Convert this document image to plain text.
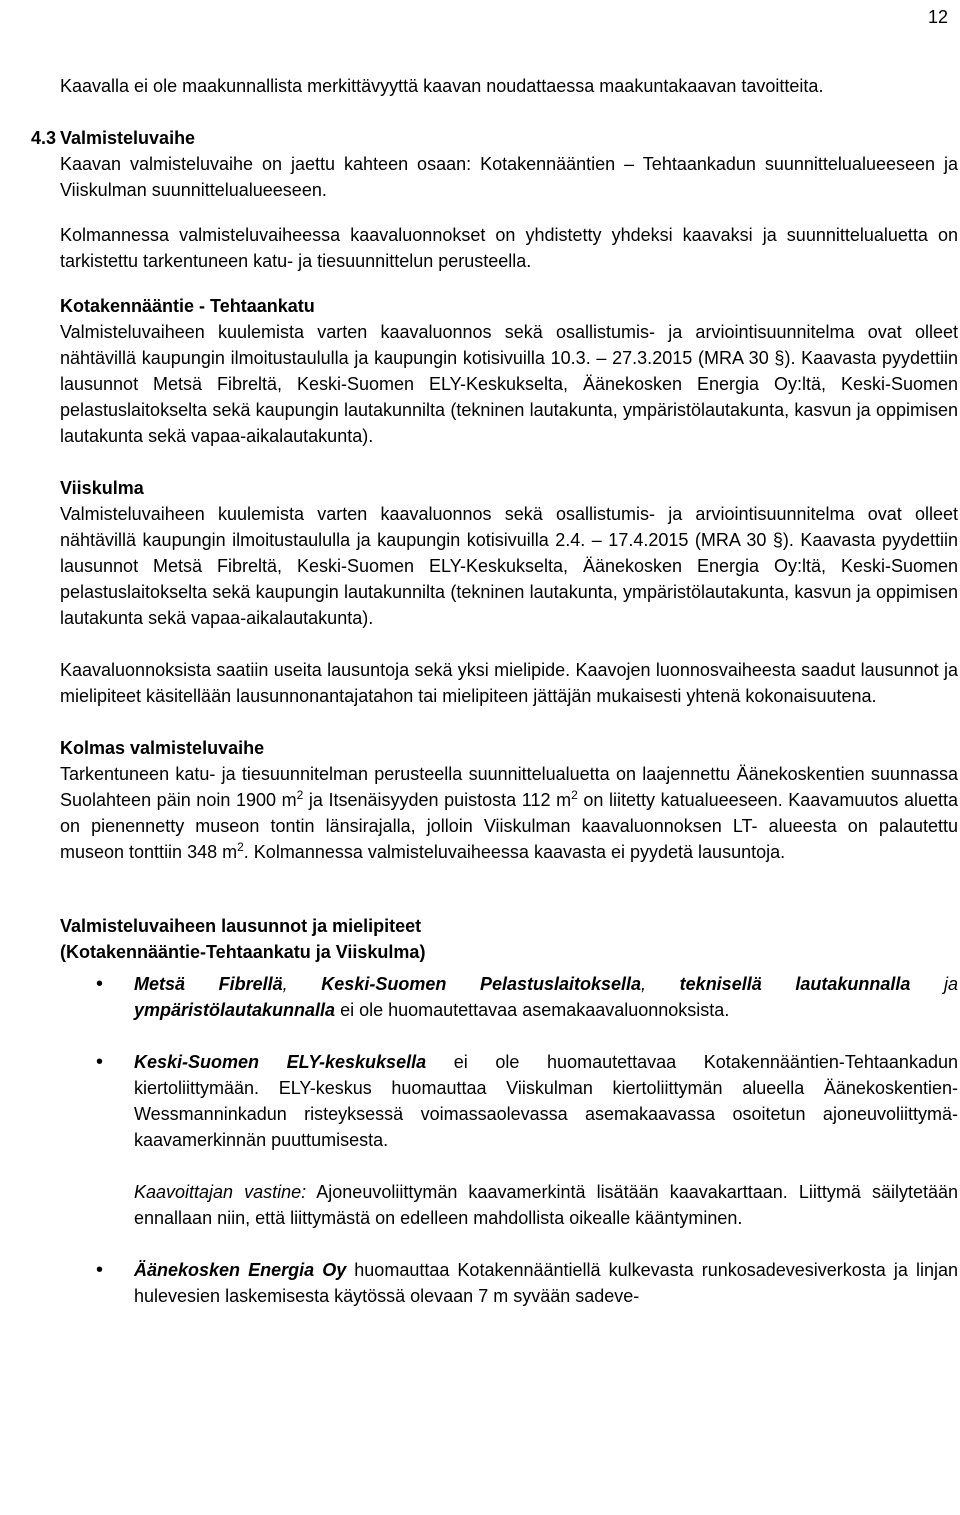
12

Kaavalla ei ole maakunnallista merkittävyyttä kaavan noudattaessa maakuntakaavan tavoitteita.

4.3 Valmisteluvaihe

Kaavan valmisteluvaihe on jaettu kahteen osaan: Kotakennääntien – Tehtaankadun suunnittelualueeseen ja Viiskulman suunnittelualueeseen.

Kolmannessa valmisteluvaiheessa kaavaluonnokset on yhdistetty yhdeksi kaavaksi ja suunnittelualuetta on tarkistettu tarkentuneen katu- ja tiesuunnittelun perusteella.

Kotakennääntie - Tehtaankatu

Valmisteluvaiheen kuulemista varten kaavaluonnos sekä osallistumis- ja arviointisuunnitelma ovat olleet nähtävillä kaupungin ilmoitustaululla ja kaupungin kotisivuilla 10.3. – 27.3.2015 (MRA 30 §). Kaavasta pyydettiin lausunnot Metsä Fibreltä, Keski-Suomen ELY-Keskukselta, Äänekosken Energia Oy:ltä, Keski-Suomen pelastuslaitokselta sekä kaupungin lautakunnilta (tekninen lautakunta, ympäristölautakunta, kasvun ja oppimisen lautakunta sekä vapaa-aikalautakunta).

Viiskulma

Valmisteluvaiheen kuulemista varten kaavaluonnos sekä osallistumis- ja arviointisuunnitelma ovat olleet nähtävillä kaupungin ilmoitustaululla ja kaupungin kotisivuilla 2.4. – 17.4.2015 (MRA 30 §). Kaavasta pyydettiin lausunnot Metsä Fibreltä, Keski-Suomen ELY-Keskukselta, Äänekosken Energia Oy:ltä, Keski-Suomen pelastuslaitokselta sekä kaupungin lautakunnilta (tekninen lautakunta, ympäristölautakunta, kasvun ja oppimisen lautakunta sekä vapaa-aikalautakunta).

Kaavaluonnoksista saatiin useita lausuntoja sekä yksi mielipide. Kaavojen luonnosvaiheesta saadut lausunnot ja mielipiteet käsitellään lausunnonantajatahon tai mielipiteen jättäjän mukaisesti yhtenä kokonaisuutena.

Kolmas valmisteluvaihe

Tarkentuneen katu- ja tiesuunnitelman perusteella suunnittelualuetta on laajennettu Äänekoskentien suunnassa Suolahteen päin noin 1900 $m^2$ ja Itsenäisyyden puistosta 112 $m^2$ on liitetty katualueeseen. Kaavamuutos aluetta on pienennetty museon tontin länsirajalla, jolloin Viiskulman kaavaluonnoksen LT- alueesta on palautettu museon tonttiin 348 $m^2$. Kolmannessa valmisteluvaiheessa kaavasta ei pyydetä lausuntoja.

Valmisteluvaiheen lausunnot ja mielipiteet
(Kotakennääntie-Tehtaankatu ja Viiskulma)

• Metsä Fibrellä, Keski-Suomen Pelastuslaitoksella, teknisellä lautakunnalla ja ympäristölautakunnalla ei ole huomautettavaa asemakaavaluonnoksista.

• Keski-Suomen ELY-keskuksella ei ole huomautettavaa Kotakennääntien-Tehtaankadun kiertoliittymään. ELY-keskus huomauttaa Viiskulman kiertoliittymän alueella Äänekoskentien-Wessmanninkadun risteyksessä voimassaolevassa asemakaavassa osoitetun ajoneuvoliittymä-kaavamerkinnän puuttumisesta.

Kaavoittajan vastine: Ajoneuvoliittymän kaavamerkintä lisätään kaavakarttaan. Liittymä säilytetään ennallaan niin, että liittymästä on edelleen mahdollista oikealle kääntyminen.

• Äänekosken Energia Oy huomauttaa Kotakennääntiellä kulkevasta runkosadevesiverkosta ja linjan hulevesien laskemisesta käytössä olevaan 7 m syvään sadeve-
